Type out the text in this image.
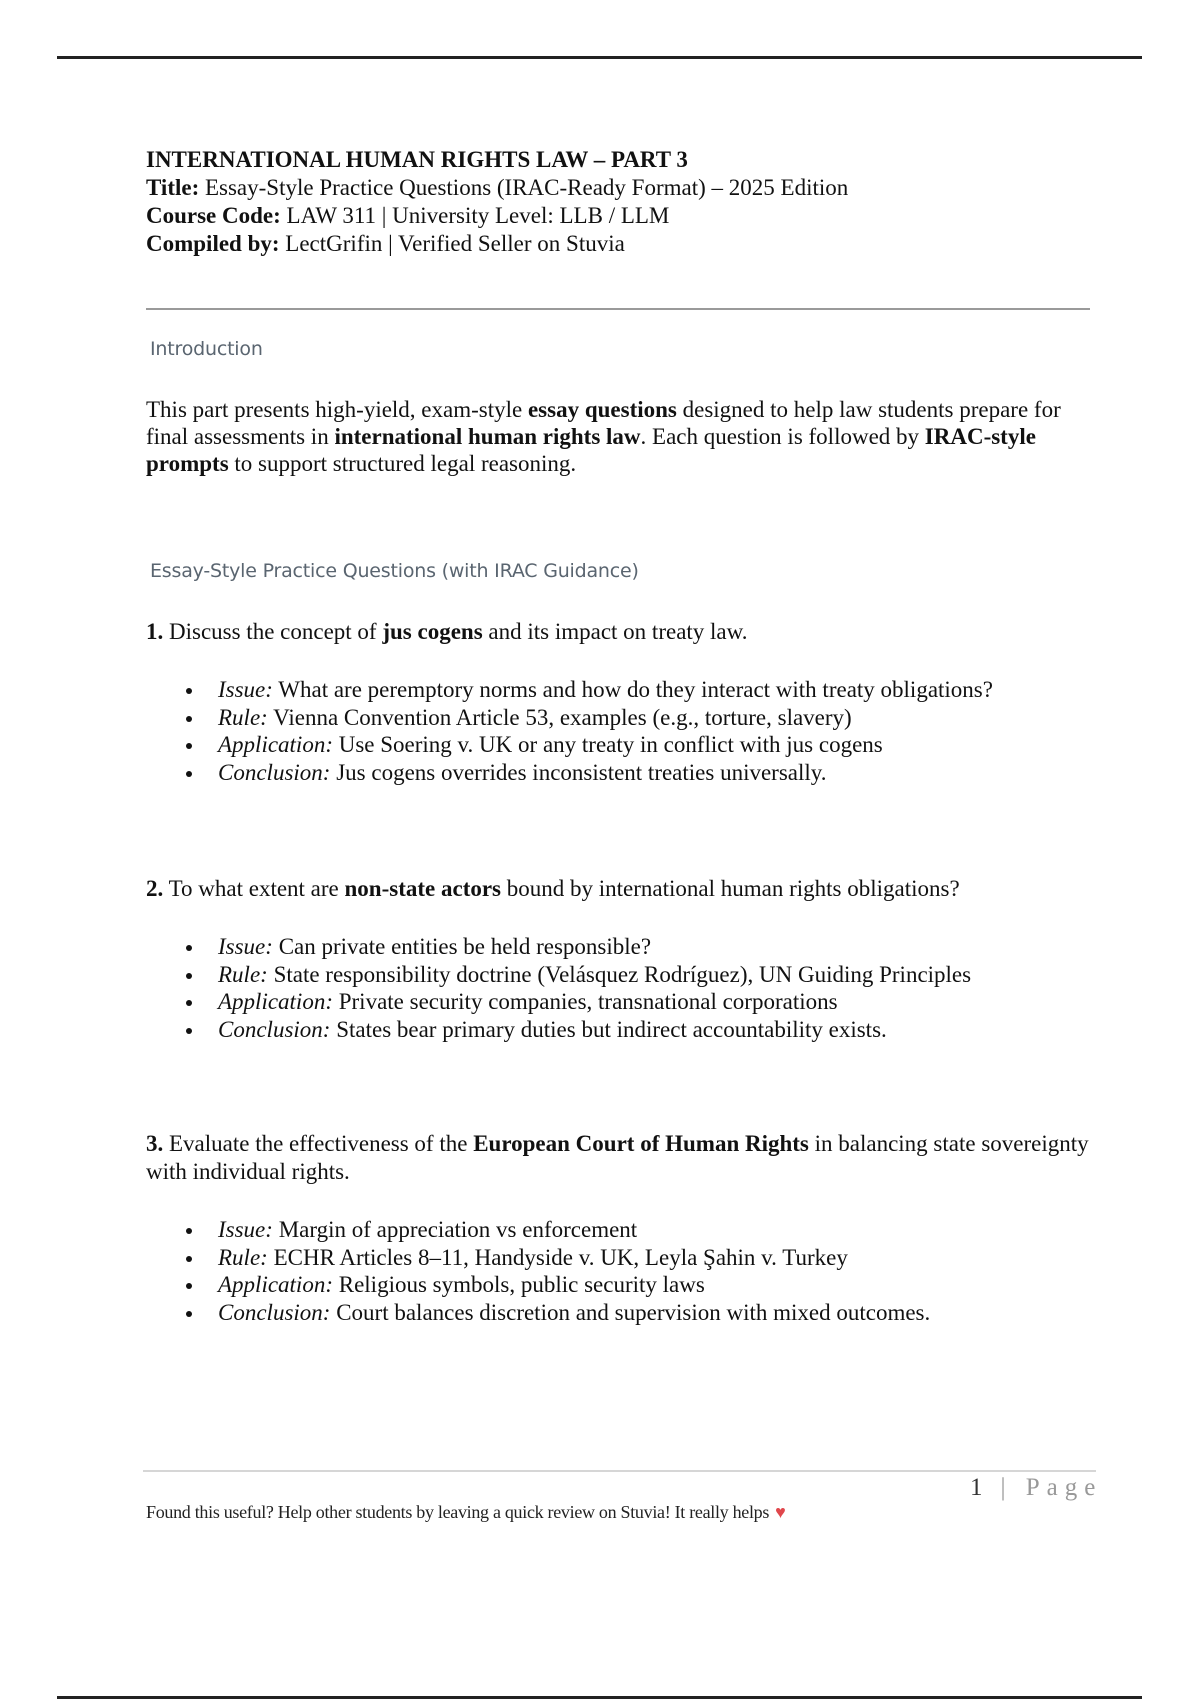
INTERNATIONAL HUMAN RIGHTS LAW – PART 3
Title: Essay-Style Practice Questions (IRAC-Ready Format) – 2025 Edition
Course Code: LAW 311 | University Level: LLB / LLM
Compiled by: LectGrifin | Verified Seller on Stuvia
Introduction
This part presents high-yield, exam-style essay questions designed to help law students prepare for final assessments in international human rights law. Each question is followed by IRAC-style prompts to support structured legal reasoning.
Essay-Style Practice Questions (with IRAC Guidance)
1. Discuss the concept of jus cogens and its impact on treaty law.
Issue: What are peremptory norms and how do they interact with treaty obligations?
Rule: Vienna Convention Article 53, examples (e.g., torture, slavery)
Application: Use Soering v. UK or any treaty in conflict with jus cogens
Conclusion: Jus cogens overrides inconsistent treaties universally.
2. To what extent are non-state actors bound by international human rights obligations?
Issue: Can private entities be held responsible?
Rule: State responsibility doctrine (Velásquez Rodríguez), UN Guiding Principles
Application: Private security companies, transnational corporations
Conclusion: States bear primary duties but indirect accountability exists.
3. Evaluate the effectiveness of the European Court of Human Rights in balancing state sovereignty with individual rights.
Issue: Margin of appreciation vs enforcement
Rule: ECHR Articles 8–11, Handyside v. UK, Leyla Şahin v. Turkey
Application: Religious symbols, public security laws
Conclusion: Court balances discretion and supervision with mixed outcomes.
1 | Page
Found this useful? Help other students by leaving a quick review on Stuvia! It really helps ♥
